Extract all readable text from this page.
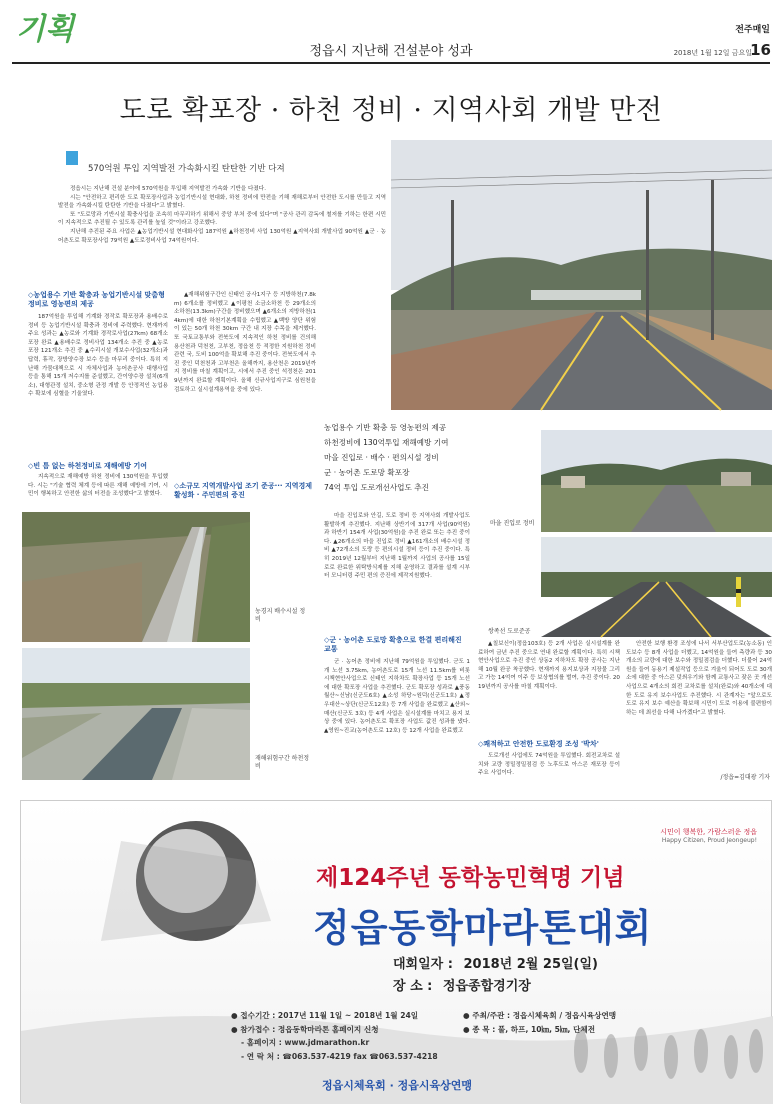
기획
정읍시 지난해 건설분야 성과
전주매일
2018년 1월 12일 금요일
16
도로 확포장 · 하천 정비 · 지역사회 개발 만전
570억원 투입 지역발전 가속화시킬 탄탄한 기반 다져

정읍시는 지난해 건설 분야에 570억원을 투입해 지역발전 가속화 기반을 다졌다.

시는 "안전하고 편리한 도로 확포장사업과 농업기반시설 현대화, 하천 정비에 만전을 기해 재해로부터 안전한 도시를 만들고 지역발전을 가속화시킬 탄탄한 기반을 다졌다"고 밝혔다.

또 "도로망과 기반시설 확충사업을 조속히 마무리하기 위해서 중앙 부처 중에 있다"며 "공사 관리 감독에 철저를 기하는 한편 시민이 지속적으로 추진될 수 있도록 관리를 높일 것"이라고 강조했다.

지난해 추진된 주요 사업은 ▲농업기반시설 현대화사업 187억원 ▲하천정비 사업 130억원 ▲지역사회 개발사업 90억원 ▲군 · 농어촌도로 확포장사업 79억원 ▲도로정비사업 74억원이다.

◇농업용수 기반 확충과 농업기반시설 맞춤형 정비로 영농편의 제공
187억원을 투입해 기계화 경작로 확포장과 용배수로 정비 등 농업기반시설 확충과 정비에 주력했다. 현재까지 주요 성과는 ▲농로와 기계화 경작로사업(27km) 68개소 포장 완료 ▲용배수로 정비사업 134개소 추진 중 ▲농로 포장 121개소 추진 중 ▲수리시설 개보수사업(32개소)과 답력, 휴작, 장방양수장 보수 등을 마무리 중이다. 특히 지난해 가뭄대책으로 시 자체사업과 농어촌공사 대행사업 등을 통해 15개 저수지를 준설했고, 간이양수장 설치(6개소), 대형관정 설치, 중소형 관정 개발 등 안정적인 농업용수 확보에 심혈을 기울였다.
◇빈 틈 없는 하천정비로 재해예방 기여
지속적으로 재해예방 하천 정비에 130억원을 투입했다. 시는 "기술 협력 체계 등에 따른 재해 예방에 기여, 시민이 행복하고 안전한 삶의 터전을 조성했다"고 밝혔다.
▲재해위험구간인 신태인 궁사1지구 등 지방하천(7.8km) 6개소를 정비했고 ▲이평천 소금소하천 등 29개소의 소하천(13.3km)구간을 정비했으며 ▲6개소의 지방하천(14km)에 대한 하천기본계획을 수립했고 ▲백방 양단 위험이 있는 50개 하천 30km 구간 내 지장 수목을 제거했다. 또 국토교통부와 전북도에 지속적인 하천 정비를 건의해 용산천과 덕천천, 고부천, 정읍천 등 적정한 지원하천 정비 관련 국, 도비 100억을 확보해 추진 중이다. 전북도에서 추진 중인 덕천천과 고부천은 올해까지, 용산천은 2019년까지 정비를 마칠 계획이고, 시에서 추진 중인 석정천은 2019년까지 완료할 계획이다. 올해 신규사업지구로 심원천을 검토하고 실시설계용역을 중에 있다.
◇소규모 지역개발사업 조기 준공··· 지역경제 활성화 · 주민편의 증진
농업용수 기반 확충 등 영농편의 제공
하천정비에 130억투입 재해예방 기여
마을 진입로 · 배수 · 편의시설 정비
군 · 농어촌 도로망 확포장
74억 투입 도로개선사업도 추진
마을 진입로와 안길, 도로 정비 등 지역사회 개발사업도 활발하게 추진했다. 지난해 상반기에 317개 사업(90억원)과 하반기 154개 사업(30억원)을 추진 완료 또는 추진 중이다. ▲26개소의 마을 진입로 정비 ▲161개소의 배수시설 정비 ▲72개소의 도랑 등 편의시설 정비 등이 추진 중이다. 특히 2019년 12월부터 지난해 1월까지 사업의 공사를 15일로로 완료한 위탁방식제를 지해 운영하고 결과를 설계 시부터 모니터링 주민 편의 증진에 제작지원했다.
◇군 · 농어촌 도로망 확충으로 한결 편리해진 교통
군 · 농어촌 정비에 지난해 79억원을 투입했다. 군도 1개 노선 3.75km, 농어촌도로 15개 노선 11.5km를 비롯 시책현안사업으로 신태인 지하차도 확장사업 등 15개 노선에 대한 확포장 사업을 추진했다. 군도 확포장 성과로 ▲풍동 월산~신남(신군도6호) ▲소성 하당~원덕(신군도1호) ▲정우대산~상단(신군도12호) 등 7개 사업을 완료했고 ▲산외~매산(신군도 3호) 등 4개 사업은 실시설계를 마치고 용지 보상 중에 있다. 농어촌도로 확포장 사업도 값진 성과를 냈다. ▲영원~진교(농어촌도로 12호) 등 12개 사업을 완료했고
마을 진입로 정비
농경지 배수시설 정비
재해위험구간 하천정비
쌍족선 도로준공
▲칠보신이(정읍103호) 등 2개 사업은 실시설계를 완료하여 금년 추진 중으로 연내 완료할 계획이다. 특히 시책 현안사업으로 추진 중인 상동2 지하차도 확장 공사는 지난해 10월 완공 착공했다. 현재까지 용지보상과 지장물 그리고 가능 14억여 이주 등 보상협의를 벌여, 추진 중이다. 2019년까지 공사를 마칠 계획이다.
◇쾌적하고 안전한 도로환경 조성 '박차'
도로개선 사업에도 74억원을 투입했다. 회전교차로 설치와 교량 정밀정밀점검 등 노후도로 아스콘 재포장 등이 주요 사업이다.
안전한 보행 환경 조성에 나서 서부산업도로(농소동) 인도보수 등 8개 사업을 더했고, 14억원을 들여 측량과 등 30개소의 교량에 대한 보수와 정밀점검을 더했다. 더불어 24억원을 들여 동용기 제설작업 등으로 겨울이 되어도 도로 30개소에 대한 중 아스콘 덧씌우기와 함께 교통사고 잦은 곳 개선사업으로 4개소의 회전 교차로를 설치(완료)와 40개소에 대한 도로 유지 보수사업도 추진했다. 시 관계자는 "앞으로도 도로 유지 보수 예산을 확보해 시민이 도로 이용에 불편함이 하는 데 최선을 다해 나가겠다"고 밝혔다.
/정읍=김대광 기자
시민이 행복한, 가람스러운 정읍
Happy Citizen, Proud Jeongeup!
제124주년 동학농민혁명 기념
정읍동학마라톤대회
대회일자 : 2018년 2월 25일(일)
장 소 : 정읍종합경기장
● 접수기간 : 2017년 11월 1일 ~ 2018년 1월 24일
● 참가접수 : 정읍동학마라톤 홈페이지 신청
- 홈페이지 : www.jdmarathon.kr
- 연 락 처 : ☎063.537-4219 fax ☎063.537-4218
● 주최/주관 : 정읍시체육회 / 정읍시육상연맹
● 종 목 : 풀, 하프, 10㎞, 5㎞, 단체전
정읍시체육회 · 정읍시육상연맹
